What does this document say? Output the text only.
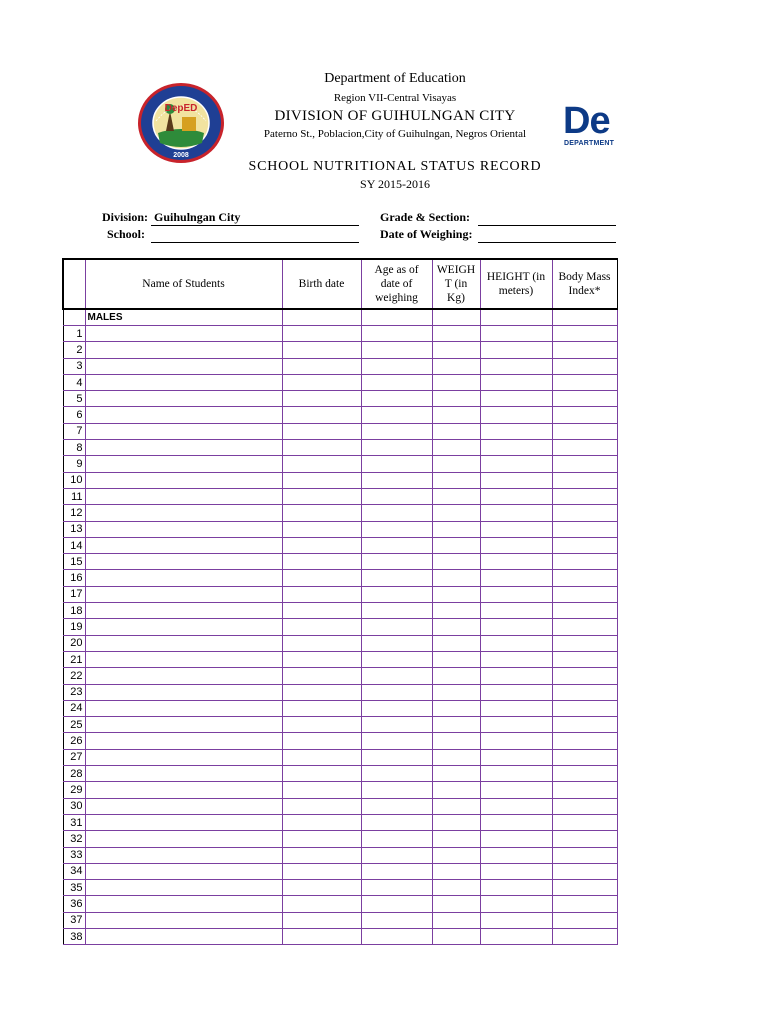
DepED
2008
Department of Education
Region VII-Central Visayas
DIVISION OF GUIHULNGAN CITY
Paterno St., Poblacion,City of Guihulngan, Negros Oriental De
DEPARTMENT
SCHOOL NUTRITIONAL STATUS RECORD
SY 2015-2016
Division: Guihulngan City
School:
Grade & Section:
Date of Weighing:
	Name of Students	Birth date	Age as of
date of
weighing	WEIGH
T (in
Kg)	HEIGHT (in
meters)	Body Mass
Index*
	MALES					
1						
2						
3						
4						
5						
6						
7						
8						
9						
10						
11						
12						
13						
14						
15						
16						
17						
18						
19						
20						
21						
22						
23						
24						
25						
26						
27						
28						
29						
30						
31						
32						
33						
34						
35						
36						
37						
38						
